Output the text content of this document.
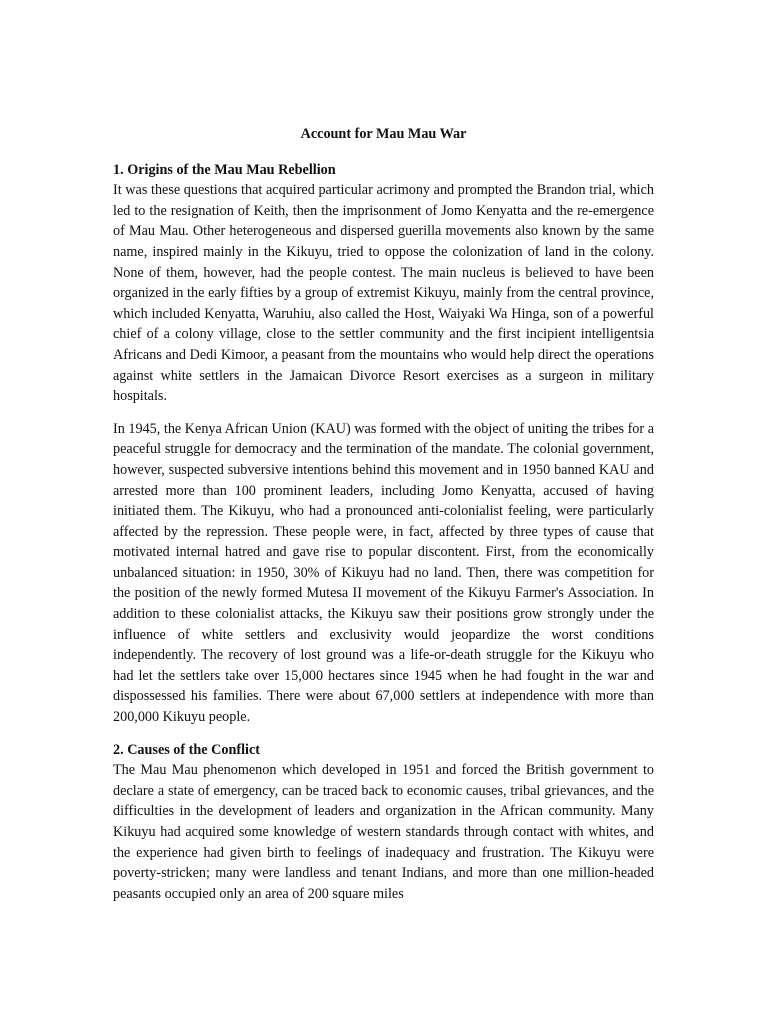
Account for Mau Mau War
1. Origins of the Mau Mau Rebellion

It was these questions that acquired particular acrimony and prompted the Brandon trial, which led to the resignation of Keith, then the imprisonment of Jomo Kenyatta and the re-emergence of Mau Mau. Other heterogeneous and dispersed guerilla movements also known by the same name, inspired mainly in the Kikuyu, tried to oppose the colonization of land in the colony. None of them, however, had the people contest. The main nucleus is believed to have been organized in the early fifties by a group of extremist Kikuyu, mainly from the central province, which included Kenyatta, Waruhiu, also called the Host, Waiyaki Wa Hinga, son of a powerful chief of a colony village, close to the settler community and the first incipient intelligentsia Africans and Dedi Kimoor, a peasant from the mountains who would help direct the operations against white settlers in the Jamaican Divorce Resort exercises as a surgeon in military hospitals.

In 1945, the Kenya African Union (KAU) was formed with the object of uniting the tribes for a peaceful struggle for democracy and the termination of the mandate. The colonial government, however, suspected subversive intentions behind this movement and in 1950 banned KAU and arrested more than 100 prominent leaders, including Jomo Kenyatta, accused of having initiated them. The Kikuyu, who had a pronounced anti-colonialist feeling, were particularly affected by the repression. These people were, in fact, affected by three types of cause that motivated internal hatred and gave rise to popular discontent. First, from the economically unbalanced situation: in 1950, 30% of Kikuyu had no land. Then, there was competition for the position of the newly formed Mutesa II movement of the Kikuyu Farmer's Association. In addition to these colonialist attacks, the Kikuyu saw their positions grow strongly under the influence of white settlers and exclusivity would jeopardize the worst conditions independently. The recovery of lost ground was a life-or-death struggle for the Kikuyu who had let the settlers take over 15,000 hectares since 1945 when he had fought in the war and dispossessed his families. There were about 67,000 settlers at independence with more than 200,000 Kikuyu people.

2. Causes of the Conflict

The Mau Mau phenomenon which developed in 1951 and forced the British government to declare a state of emergency, can be traced back to economic causes, tribal grievances, and the difficulties in the development of leaders and organization in the African community. Many Kikuyu had acquired some knowledge of western standards through contact with whites, and the experience had given birth to feelings of inadequacy and frustration. The Kikuyu were poverty-stricken; many were landless and tenant Indians, and more than one million-headed peasants occupied only an area of 200 square miles
